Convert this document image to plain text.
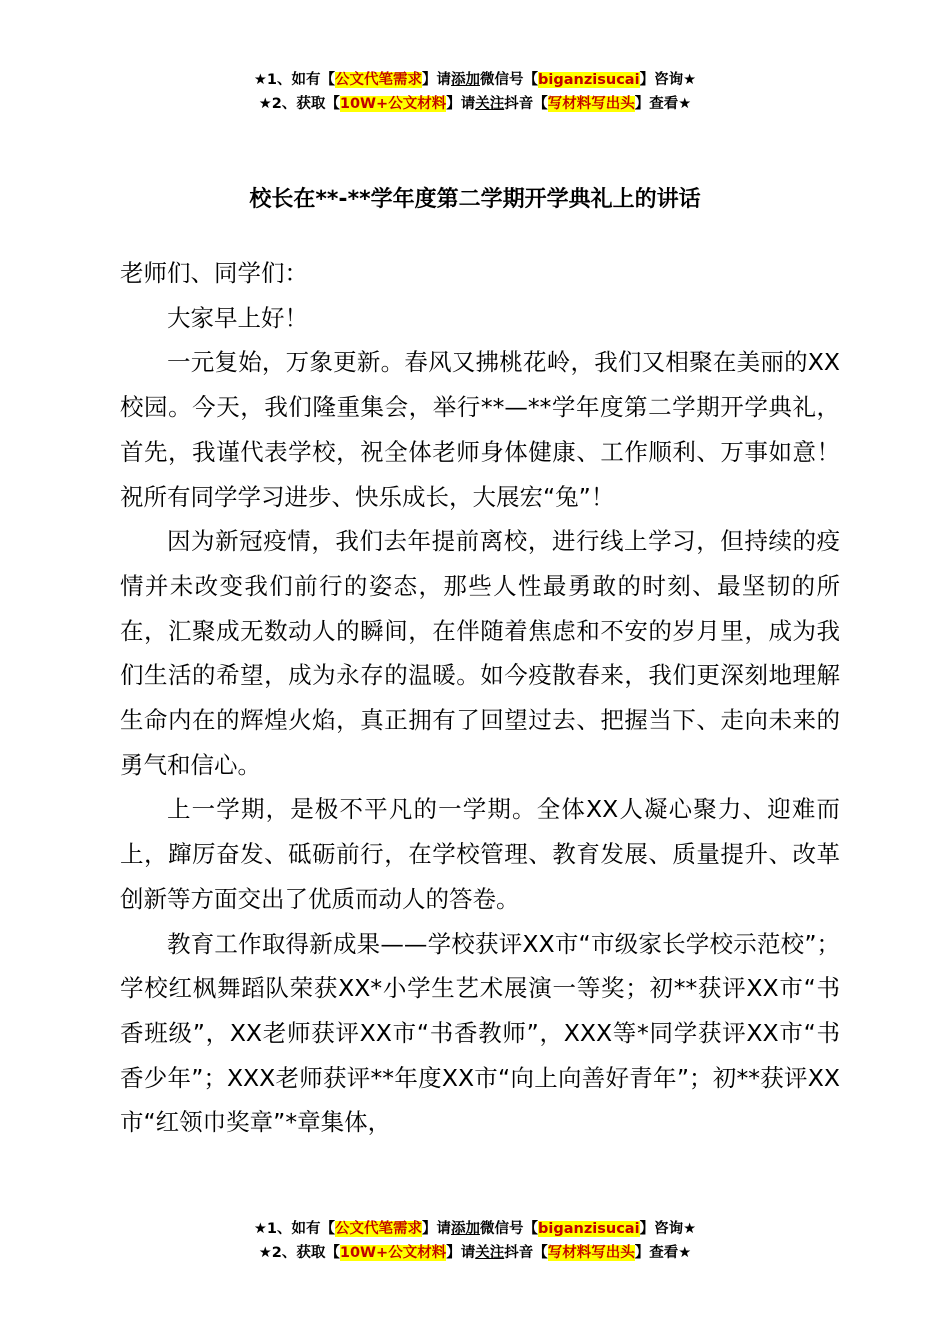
★1、如有【公文代笔需求】请添加微信号【biganzisucai】咨询★
★2、获取【10W+公文材料】请关注抖音【写材料写出头】查看★
校长在**-**学年度第二学期开学典礼上的讲话

老师们、同学们：

大家早上好！

一元复始，万象更新。春风又拂桃花岭，我们又相聚在美丽的XX校园。今天，我们隆重集会，举行**—**学年度第二学期开学典礼，首先，我谨代表学校，祝全体老师身体健康、工作顺利、万事如意！祝所有同学学习进步、快乐成长，大展宏“兔”！

因为新冠疫情，我们去年提前离校，进行线上学习，但持续的疫情并未改变我们前行的姿态，那些人性最勇敢的时刻、最坚韧的所在，汇聚成无数动人的瞬间，在伴随着焦虑和不安的岁月里，成为我们生活的希望，成为永存的温暖。如今疫散春来，我们更深刻地理解生命内在的辉煌火焰，真正拥有了回望过去、把握当下、走向未来的勇气和信心。

上一学期，是极不平凡的一学期。全体XX人凝心聚力、迎难而上，蹿厉奋发、砥砺前行，在学校管理、教育发展、质量提升、改革创新等方面交出了优质而动人的答卷。

教育工作取得新成果——学校获评XX市“市级家长学校示范校”；学校红枫舞蹈队荣获XX*小学生艺术展演一等奖；初**获评XX市“书香班级”，XX老师获评XX市“书香教师”，XXX等*同学获评XX市“书香少年”；XXX老师获评**年度XX市“向上向善好青年”；初**获评XX市“红领巾奖章”*章集体，

★1、如有【公文代笔需求】请添加微信号【biganzisucai】咨询★
★2、获取【10W+公文材料】请关注抖音【写材料写出头】查看★
